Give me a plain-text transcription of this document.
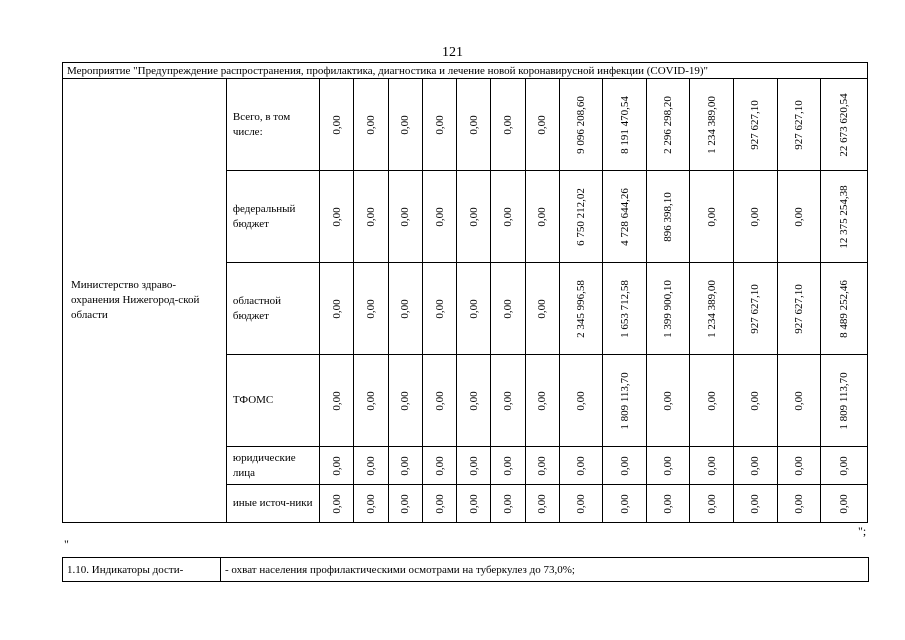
121
Мероприятие "Предупреждение распространения, профилактика, диагностика и лечение новой коронавирусной инфекции (COVID-19)"															
Министерство здраво-охранения Нижегород-ской области	Всего, в том числе:	0,00	0,00	0,00	0,00	0,00	0,00	0,00	9 096 208,60	8 191 470,54	2 296 298,20	1 234 389,00	927 627,10	927 627,10	22 673 620,54

	федеральный бюджет	0,00	0,00	0,00	0,00	0,00	0,00	0,00	6 750 212,02	4 728 644,26	896 398,10	0,00	0,00	0,00	12 375 254,38

	областной бюджет	0,00	0,00	0,00	0,00	0,00	0,00	0,00	2 345 996,58	1 653 712,58	1 399 900,10	1 234 389,00	927 627,10	927 627,10	8 489 252,46

	ТФОМС	0,00	0,00	0,00	0,00	0,00	0,00	0,00	0,00	1 809 113,70	0,00	0,00	0,00	0,00	1 809 113,70

	юридические лица	0,00	0,00	0,00	0,00	0,00	0,00	0,00	0,00	0,00	0,00	0,00	0,00	0,00	0,00

	иные источ-ники	0,00	0,00	0,00	0,00	0,00	0,00	0,00	0,00	0,00	0,00	0,00	0,00	0,00	0,00
";
"
1.10. Индикаторы дости-	- охват населения профилактическими осмотрами на туберкулез до 73,0%;
